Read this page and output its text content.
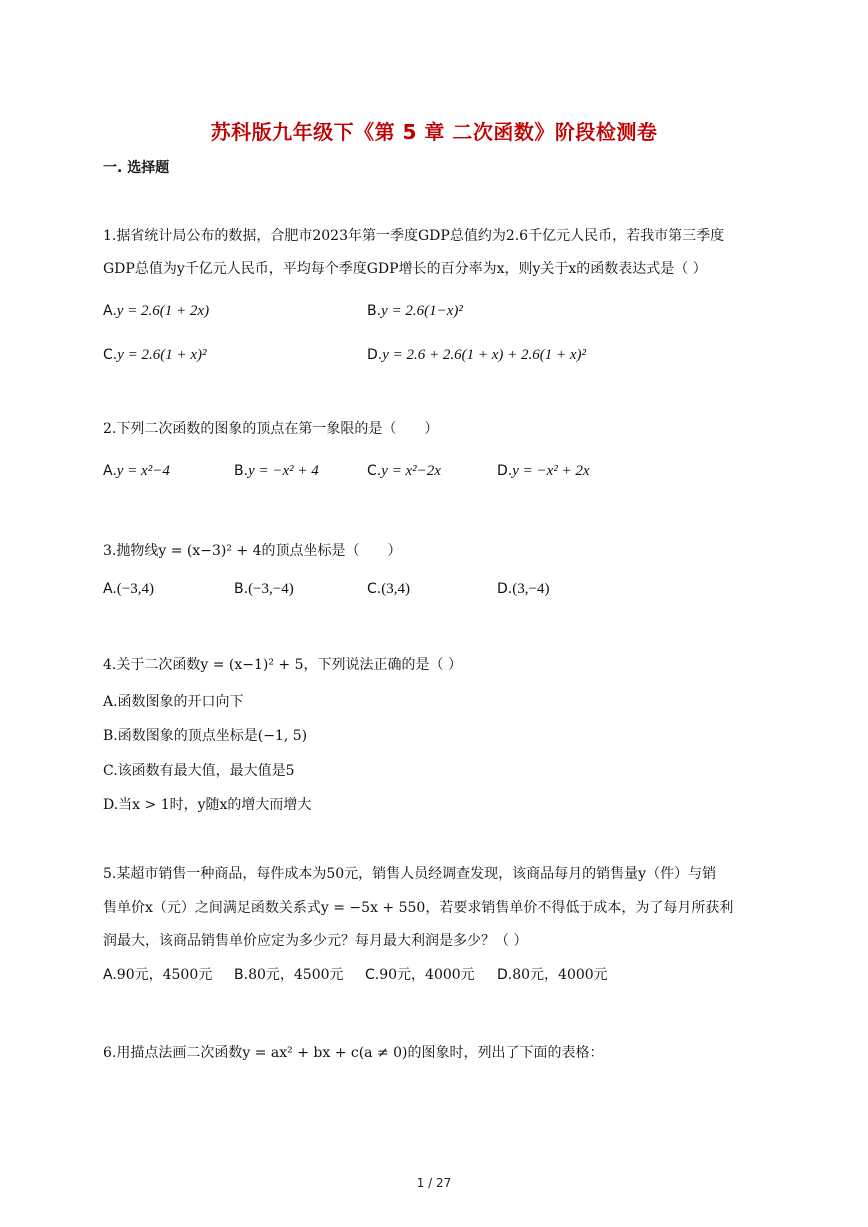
苏科版九年级下《第 5 章 二次函数》阶段检测卷
一. 选择题
1.据省统计局公布的数据，合肥市2023年第一季度GDP总值约为2.6千亿元人民币，若我市第三季度
GDP总值为y千亿元人民币，平均每个季度GDP增长的百分率为x，则y关于x的函数表达式是（ ）
A.y = 2.6(1 + 2x)	B.y = 2.6(1−x)²
C.y = 2.6(1 + x)²	D.y = 2.6 + 2.6(1 + x) + 2.6(1 + x)²
2.下列二次函数的图象的顶点在第一象限的是（　　）
A.y = x²−4	B.y = −x² + 4	C.y = x²−2x	D.y = −x² + 2x
3.抛物线y = (x−3)² + 4的顶点坐标是（　　）
A.(−3,4)	B.(−3,−4)	C.(3,4)	D.(3,−4)
4.关于二次函数y = (x−1)² + 5，下列说法正确的是（ ）
A.函数图象的开口向下
B.函数图象的顶点坐标是(−1, 5)
C.该函数有最大值，最大值是5
D.当x > 1时，y随x的增大而增大
5.某超市销售一种商品，每件成本为50元，销售人员经调查发现，该商品每月的销售量y（件）与销
售单价x（元）之间满足函数关系式y = −5x + 550，若要求销售单价不得低于成本，为了每月所获利
润最大，该商品销售单价应定为多少元？每月最大利润是多少？（ ）
A.90元，4500元 B.80元，4500元 C.90元，4000元 D.80元，4000元
6.用描点法画二次函数y = ax² + bx + c(a ≠ 0)的图象时，列出了下面的表格：
1 / 27
